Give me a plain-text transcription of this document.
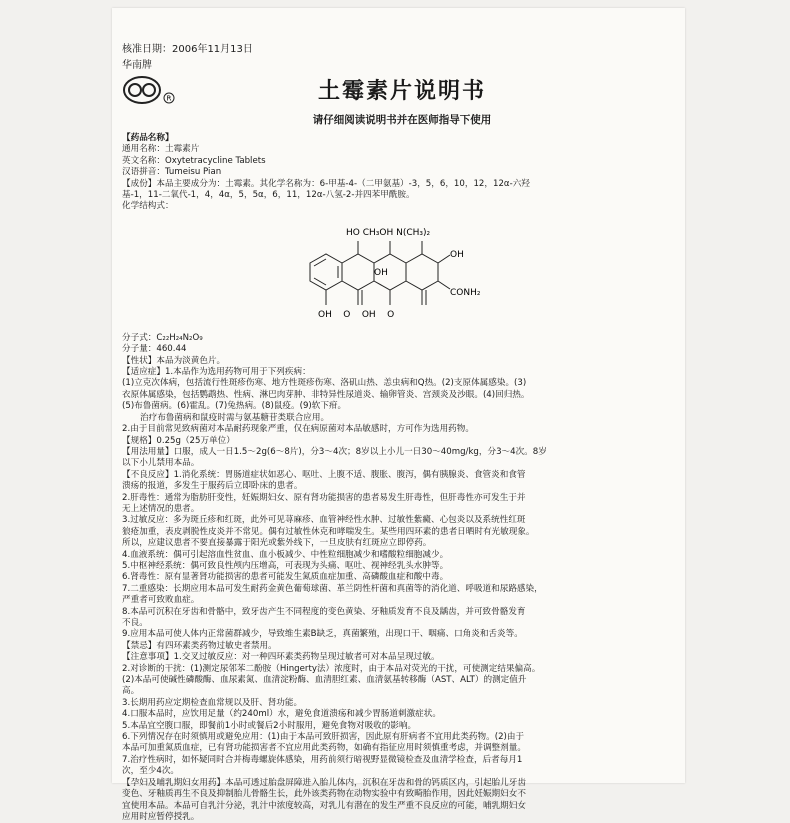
核准日期：2006年11月13日
华南牌
R	土霉素片说明书
请仔细阅读说明书并在医师指导下使用

【药品名称】

通用名称：土霉素片

英文名称：Oxytetracycline Tablets

汉语拼音：Tumeisu Pian

【成份】本品主要成分为：土霉素。其化学名称为：6-甲基-4-（二甲氨基）-3，5，6，10，12，12α-六羟

基-1，11-二氧代-1，4，4α，5，5α，6，11，12α-八氢-2-并四苯甲酰胺。

化学结构式：

HO CH₃OH N(CH₃)₂
OH
OH
CONH₂
OH    O    OH    O

分子式：C₂₂H₂₄N₂O₉

分子量：460.44

【性状】本品为淡黄色片。

【适应症】1.本品作为选用药物可用于下列疾病：

(1)立克次体病，包括流行性斑疹伤寒、地方性斑疹伤寒、洛矶山热、恙虫病和Q热。(2)支原体属感染。(3)

衣原体属感染，包括鹦鹉热、性病、淋巴肉芽肿、非特异性尿道炎、输卵管炎、宫颈炎及沙眼。(4)回归热。

(5)布鲁菌病。(6)霍乱。(7)兔热病。(8)鼠疫。(9)软下疳。

治疗布鲁菌病和鼠疫时需与氨基糖苷类联合应用。

2.由于目前常见致病菌对本品耐药现象严重，仅在病原菌对本品敏感时，方可作为选用药物。

【规格】0.25g（25万单位）

【用法用量】口服，成人一日1.5～2g(6～8片)，分3～4次；8岁以上小儿一日30～40mg/kg，分3～4次。8岁

以下小儿禁用本品。

【不良反应】1.消化系统：胃肠道症状如恶心、呕吐、上腹不适、腹胀、腹泻，偶有胰腺炎、食管炎和食管

溃疡的报道，多发生于服药后立即卧床的患者。

2.肝毒性：通常为脂肪肝变性，妊娠期妇女、原有肾功能损害的患者易发生肝毒性，但肝毒性亦可发生于并

无上述情况的患者。

3.过敏反应：多为斑丘疹和红斑，此外可见荨麻疹、血管神经性水肿、过敏性紫癜、心包炎以及系统性红斑

狼疮加重，表皮剥脱性皮炎并不常见。偶有过敏性休克和哮喘发生。某些用四环素的患者日晒时有光敏现象。

所以，应建议患者不要直接暴露于阳光或紫外线下，一旦皮肤有红斑应立即停药。

4.血液系统：偶可引起溶血性贫血、血小板减少、中性粒细胞减少和嗜酸粒细胞减少。

5.中枢神经系统：偶可致良性颅内压增高，可表现为头痛、呕吐、视神经乳头水肿等。

6.肾毒性：原有显著肾功能损害的患者可能发生氮质血症加重、高磷酸血症和酸中毒。

7.二重感染：长期应用本品可发生耐药金黄色葡萄球菌、革兰阴性杆菌和真菌等的消化道、呼吸道和尿路感染，

严重者可致败血症。

8.本品可沉积在牙齿和骨骼中，致牙齿产生不同程度的变色黄染、牙釉质发育不良及龋齿，并可致骨骼发育

不良。

9.应用本品可使人体内正常菌群减少，导致维生素B缺乏，真菌繁殖，出现口干、咽痛、口角炎和舌炎等。

【禁忌】有四环素类药物过敏史者禁用。

【注意事项】1.交叉过敏反应：对一种四环素类药物呈现过敏者可对本品呈现过敏。

2.对诊断的干扰：(1)测定尿邻苯二酚胺（Hingerty法）浓度时，由于本品对荧光的干扰，可使测定结果偏高。

(2)本品可使碱性磷酸酶、血尿素氮、血清淀粉酶、血清胆红素、血清氨基转移酶（AST、ALT）的测定值升

高。

3.长期用药应定期检查血常规以及肝、肾功能。

4.口服本品时，应饮用足量（约240ml）水，避免食道溃疡和减少胃肠道刺激症状。

5.本品宜空腹口服，即餐前1小时或餐后2小时服用，避免食物对吸收的影响。

6.下列情况存在时须慎用或避免应用：(1)由于本品可致肝损害，因此原有肝病者不宜用此类药物。(2)由于

本品可加重氮质血症，已有肾功能损害者不宜应用此类药物，如确有指征应用时须慎重考虑，并调整剂量。

7.治疗性病时，如怀疑同时合并梅毒螺旋体感染，用药前须行暗视野显微镜检查及血清学检查，后者每月1

次，至少4次。

【孕妇及哺乳期妇女用药】本品可透过胎盘屏障进入胎儿体内，沉积在牙齿和骨的钙质区内，引起胎儿牙齿

变色、牙釉质再生不良及抑制胎儿骨骼生长，此外该类药物在动物实验中有致畸胎作用，因此妊娠期妇女不

宜使用本品。本品可自乳汁分泌，乳汁中浓度较高，对乳儿有潜在的发生严重不良反应的可能，哺乳期妇女

应用时应暂停授乳。
